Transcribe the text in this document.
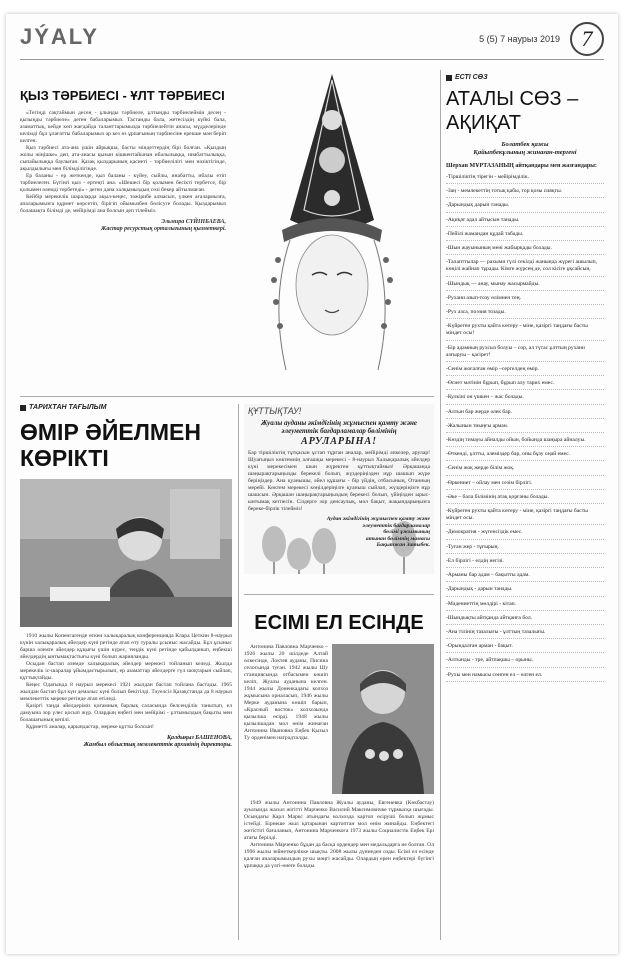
JÝALY	5 (5) 7 наурыз 2019 7
ҚЫЗ ТӘРБИЕСІ - ҰЛТ ТӘРБИЕСІ

«Тегіңді сақтаймын десең - ұлыңды тәрбиеле, ұлтыңды тәрбиелеймін десең - қызыңды тәрбиеле» деген бабаларымыз. Тастанды бала, жетесіздің күйкі бала, азаматтық, кейде көп жағдайда таланттарымызда тәрбиелейтін анасы, мүдделерінде келімді бұл ұлағатты бабаларымыз әр кез өз ұрпағының тәрбиесіне ерекше мән беріп келген.

Қыз тәрбиесі ата-ана үшін айрықша, басты міндеттердің бірі болған. «Қыздың жолы жіңішке» деп, ата-анасы қызын кішкентайынан ибалылыққа, инабаттылыққа, сыпайылыққа баулыған. Қазақ қыздарының қасиеті - тәрбиелілігі мен нәзіктігінде, ақылдылығы мен білімділігінде.

Ер баланы - ер жеткенде, қыз баланы - күйеу, сыйлы, инабатты, ибалы етіп тәрбиелеген. Бүгінгі қыз - ертеңгі ана. «Шешесі бір қолымен бесікті тербетсе, бір қолымен әлемді тербетеді» - деген дана халқымыздың сөзі бекер айтылмаған.

Кейбір мерекелік шараларда ақыл-кеңес, тәжірибе алмасып, үлкен ағалармызға, апаларымызға құрмет көрсетіп, бірігіп ойымызбен бөлісуге болады. Қыздарымыз болашақта білімді де, мейірімді ана болсын деп тілейміз.

Эльмира СҮЙІНБАЕВА,
Жастар ресурстық орталығының қызметкері.
ТАРИХТАН ТАҒЫЛЫМ
ӨМІР ӘЙЕЛМЕН
КӨРІКТІ

1910 жылы Копенгагенде өткен халықаралық конференцияда Клара Цеткин 8-наурыз күнін халықаралық әйелдер күні ретінде атап өту туралы ұсыныс жасайды. Бұл ұсыныс барша әлемге әйелдер құқығы үшін күрес, теңдік күні ретінде қабылданып, еңбекші әйелдердің ынтымақтастығы күні болып жарияланды.

Осыдан бастап әлемде халықаралық әйелдер мерекесі тойланып келеді. Жылда мерекелік іс-шаралар ұйымдастырылып, ер азаматтар әйелдерге гүл шоқтарын сыйлап, құттықтайды.

Кеңес Одағында 8 наурыз мерекесі 1921 жылдан бастап тойлана бастады. 1965 жылдан бастап бұл күн демалыс күні болып бекітілді. Тәуелсіз Қазақстанда да 8 наурыз мемлекеттік мереке ретінде атап өтіледі.

Қазіргі таңда әйелдеріміз қоғамның барлық саласында белсенділік танытып, ел дамуына зор үлес қосып жүр. Олардың еңбегі мен мейірімі - ұлтымыздың бақыты мен болашағының кепілі.

Құрметті аналар, қарындастар, мереке құтты болсын!

Қалдықыз БАШЕНОВА,
Жамбыл облыстық мемлекеттік архивінің директоры.
ҚҰТТЫҚТАУ!
Жуалы ауданы әкімдігінің жұмыспен қамту және әлеуметтік бағдарламалар бөлімінің
АРУЛАРЫНА!
Бар тіршіліктің тұтқасын ұстап тұрған аналар, мейірімді әпкелер, арулар! Шуағыңыз көктемнің алғашқы мерекесі - 8-наурыз Халықаралық әйелдер күні мерекесімен шын жүректен құттықтаймыз! Әрқашанда шаңырақтарыңызды берекелі болып, жүздеріңізден нұр шашып жүре беріңіздер. Ана қуанышы, әйел құшағы - бір үйдің, отбасының, Отанның мерейі. Көктем мерекесі көңілдеріңізге қуаныш сыйлап, жүздеріңізге нұр шашсын. Әрқашан шаңырақтарыңыздың берекесі болып, үйіңізден ырыс-ынтымақ кетпесін. Сіздерге зор денсаулық, мол бақыт, жақындарыңызға береке-бірлік тілейміз!
Аудан әкімдігінің жұмыспен қамту және
әлеуметтік бағдарламалар
бөлімі ұжымының
атынан бөлімнің мамасы
Бақытжан Затыбек.
ЕСІМІ ЕЛ ЕСІНДЕ

Антонина Павловна Марченко – 1926 жылы 20 шілдеде Алтай өлкесінде, Локтев ауданы, Писина селосында туған. 1942 жылы Шу станциясында отбасымен көшіп келіп, Жуалы ауданына келген. 1944 жылы Доненкадағы колхоз жұмысына орналасып, 1946 жылы Мерке ауданына көшіп барып, «Красный восток» колхозында қызылша өсірді. 1948 жылы қызылшадан мол өнім жинаған Антонина Ивановна Еңбек Қызыл Ту орденімен наградталды.

1949 жылы Антонина Павловна Жуалы ауданы, Евгеневка (Көкбастау) ауылында жасыл жігітті Марченко Василий Максимовичке тұрмысқа шығады. Осындағы Карл Маркс атындағы колхозда картоп өсіруші болып жұмыс істейді. Бірнеше жыл қатарынан картоптан мол өнім жинайды. Еңбектегі жетістігі бағаланып, Антонина Марченкоға 1973 жылы Социалистік Еңбек Ері атағы берілді.

Антонина Марченко бұдан да басқа ордендер мен медальдарға ие болған. Ол 1996 жылы зейнеткерлікке шықты. 2008 жылы дүниеден озды. Есімі ел есінде қалған аналарымыздың рухы мәңгі жасайды. Олардың ерен еңбектері бүгінгі ұрпаққа да үлгі-өнеге болады.

ЕСТІ СӨЗ
АТАЛЫ СӨЗ –
АҚИҚАТ
Болатбек қажы
Қайыпбекұлының жинаған-тергені
Шерхан МҰРТАЗАНЫҢ айтқандары мен жазғандары:

-Тіршіліктің тірегін - мейірімділік.

-Заң - мемлекеттің тотық қабы, тор қозы сияқты.

-Дарындық дарын танады.

-Ақиқат адал айтысын танады.

-Пейілі жамандан құдай табады.

-Шын жауынының мені жабырқады болады.

-Талапттылар — рахыми гүлі секілді жанында жүрегі ашылып, көңілі жайнап тұрады. Кімге жүрсең де, сол кісіге ұқсайсың.

-Шындық — анау, мынау жасырмайды.

-Рухани азып-тозу өлімнен тең.

-Рух азса, поэзия тозады.

-Күйреген рухты қайта көтеру - міне, қазіргі таңдағы басты міндет осы!

-Бір адамның рухсыз болуы – сор, ал түтас ұлттың рухани азғыруы – қасірет!

-Сенім жоғалған өмір –сергелдең өмір.

-Өсиет мәтінін бұрып, бұрып алу тарих емес.

-Кулкіні он үшкен – жас болады.

-Алтын бар жерде әлек бар.

-Жалынын тиыңғы арман.

-Көздің тимауы айналды ойын, бойында шаңыра айналуы.

-Өткенді, ұлтты, әлеміздер бар, оны бұзу оңай емес.

-Сенім жоқ жерде білім жоқ.

-Өркениет – ойлау мен сезім бірлігі.

-Әке – бала білімінің атақ қорғаны болады.

-Күйреген рухты қайта көтеру - міне, қазіргі таңдағы басты міндет осы.

-Демократия - жүгенсіздік емес.

-Туған жер - тұғырың.

-Ел бірлігі - елдің негізі.

-Арманы бар адам – бақытты адам.

-Дарындық - дарын танады.

-Мәдениеттің мөлдірі - кітап.

-Шындықты айтқанда айтқанға бол.

-Ана тілінің тазалығы - ұлттың тазалығы.

-Орындалған арман - бақыт.

-Алтынды - тре, айтпақшы – орыны.

-Рухы мен намысы сөнген ел – өлген ел.
